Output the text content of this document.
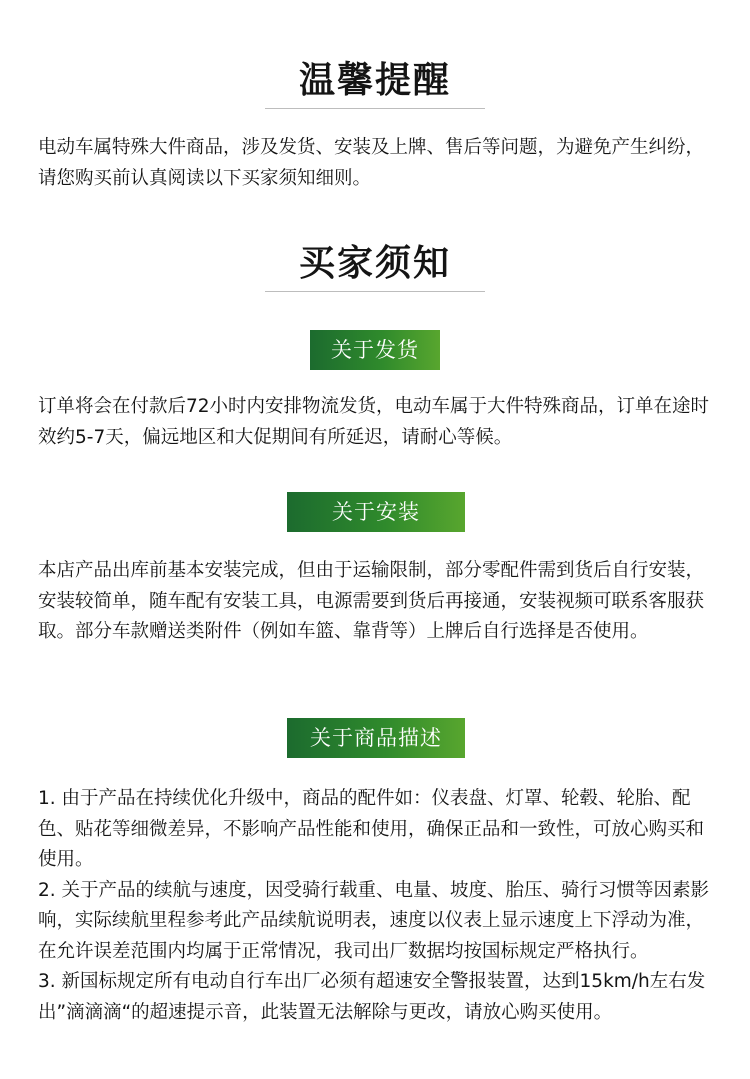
温馨提醒

电动车属特殊大件商品，涉及发货、安装及上牌、售后等问题，为避免产生纠纷，请您购买前认真阅读以下买家须知细则。

买家须知
关于发货

订单将会在付款后72小时内安排物流发货，电动车属于大件特殊商品，订单在途时效约5-7天，偏远地区和大促期间有所延迟，请耐心等候。

关于安装

本店产品出库前基本安装完成，但由于运输限制，部分零配件需到货后自行安装，安装较简单，随车配有安装工具，电源需要到货后再接通，安装视频可联系客服获取。部分车款赠送类附件（例如车篮、靠背等）上牌后自行选择是否使用。

关于商品描述

1. 由于产品在持续优化升级中，商品的配件如：仪表盘、灯罩、轮毂、轮胎、配色、贴花等细微差异，不影响产品性能和使用，确保正品和一致性，可放心购买和使用。

2. 关于产品的续航与速度，因受骑行载重、电量、坡度、胎压、骑行习惯等因素影响，实际续航里程参考此产品续航说明表，速度以仪表上显示速度上下浮动为准，在允许误差范围内均属于正常情况，我司出厂数据均按国标规定严格执行。

3. 新国标规定所有电动自行车出厂必须有超速安全警报装置，达到15km/h左右发出”滴滴滴“的超速提示音，此装置无法解除与更改，请放心购买使用。
